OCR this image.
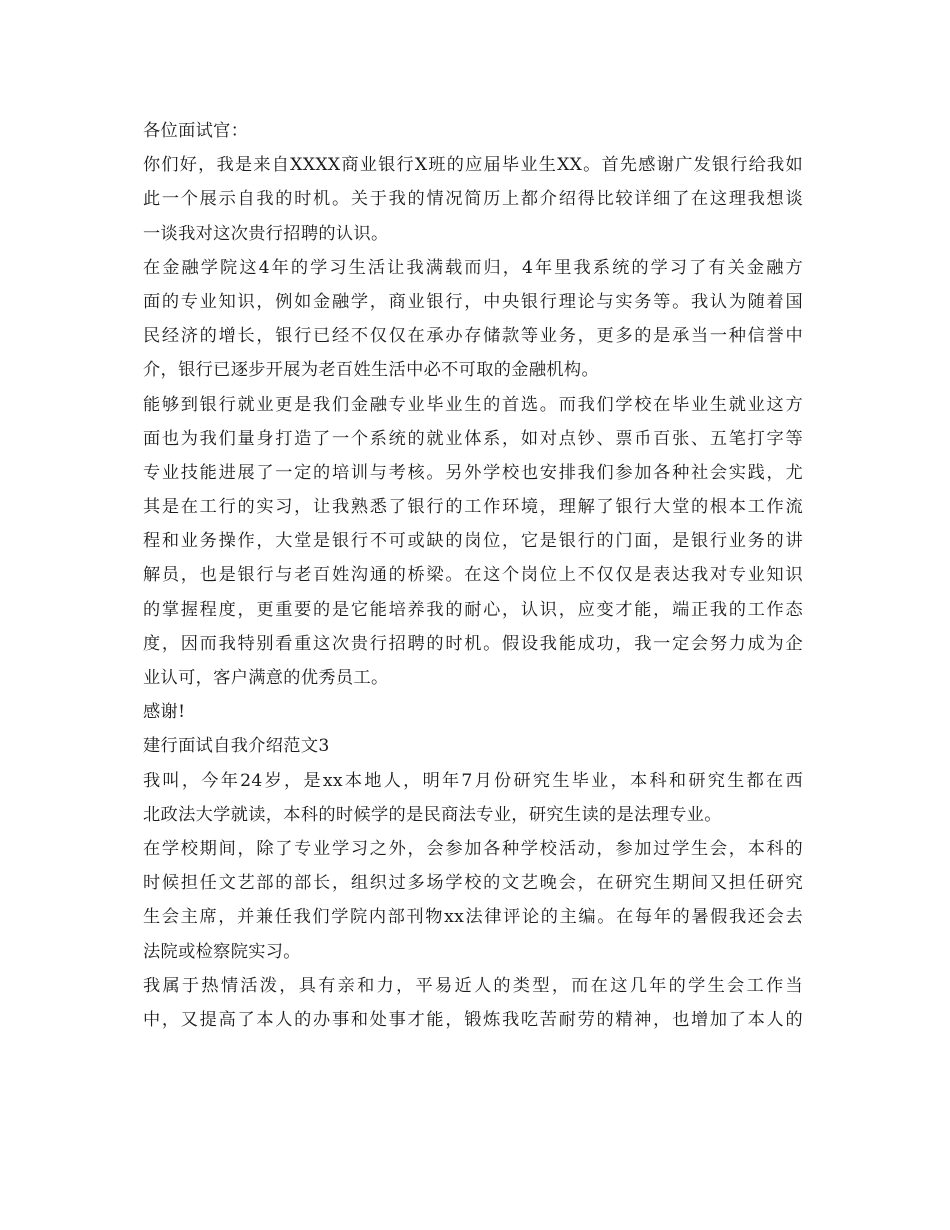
各位面试官：
你们好，我是来自XXXX商业银行X班的应届毕业生XX。首先感谢广发银行给我如
此一个展示自我的时机。关于我的情况简历上都介绍得比较详细了在这理我想谈
一谈我对这次贵行招聘的认识。
在金融学院这4年的学习生活让我满载而归，4年里我系统的学习了有关金融方
面的专业知识，例如金融学，商业银行，中央银行理论与实务等。我认为随着国
民经济的增长，银行已经不仅仅在承办存储款等业务，更多的是承当一种信誉中
介，银行已逐步开展为老百姓生活中必不可取的金融机构。
能够到银行就业更是我们金融专业毕业生的首选。而我们学校在毕业生就业这方
面也为我们量身打造了一个系统的就业体系，如对点钞、票币百张、五笔打字等
专业技能进展了一定的培训与考核。另外学校也安排我们参加各种社会实践，尤
其是在工行的实习，让我熟悉了银行的工作环境，理解了银行大堂的根本工作流
程和业务操作，大堂是银行不可或缺的岗位，它是银行的门面，是银行业务的讲
解员，也是银行与老百姓沟通的桥梁。在这个岗位上不仅仅是表达我对专业知识
的掌握程度，更重要的是它能培养我的耐心，认识，应变才能，端正我的工作态
度，因而我特别看重这次贵行招聘的时机。假设我能成功，我一定会努力成为企
业认可，客户满意的优秀员工。
感谢!
建行面试自我介绍范文3
我叫，今年24岁，是xx本地人，明年7月份研究生毕业，本科和研究生都在西
北政法大学就读，本科的时候学的是民商法专业，研究生读的是法理专业。
在学校期间，除了专业学习之外，会参加各种学校活动，参加过学生会，本科的
时候担任文艺部的部长，组织过多场学校的文艺晚会，在研究生期间又担任研究
生会主席，并兼任我们学院内部刊物xx法律评论的主编。在每年的暑假我还会去
法院或检察院实习。
我属于热情活泼，具有亲和力，平易近人的类型，而在这几年的学生会工作当
中，又提高了本人的办事和处事才能，锻炼我吃苦耐劳的精神，也增加了本人的
